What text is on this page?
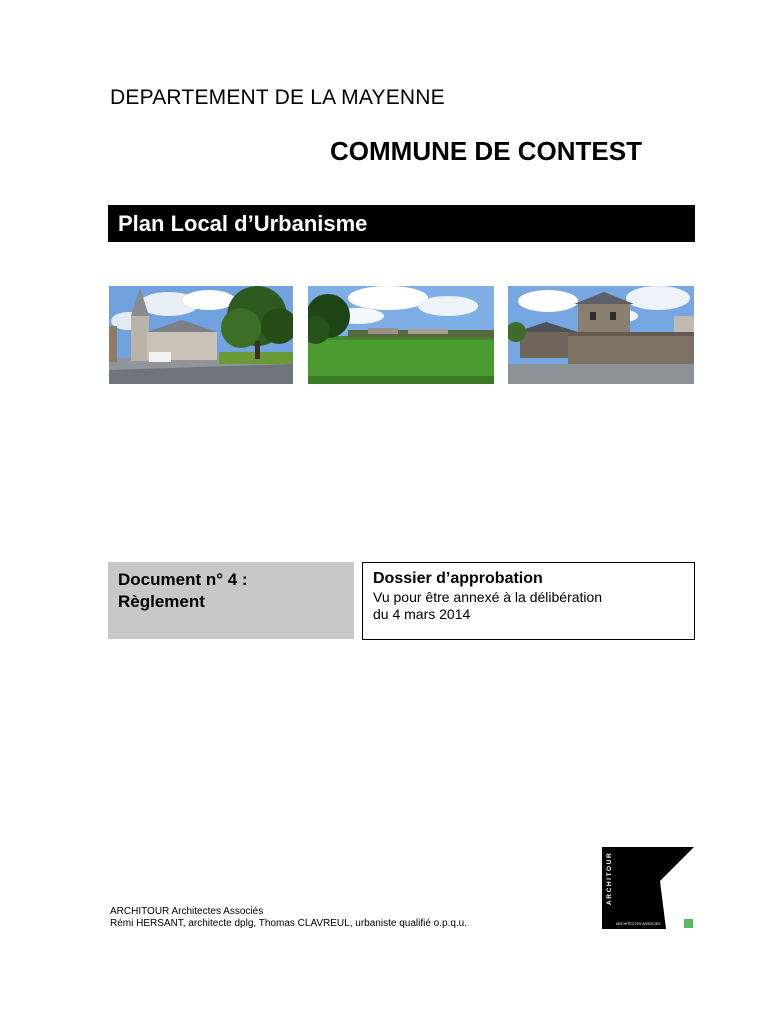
DEPARTEMENT DE LA MAYENNE
COMMUNE DE CONTEST
Plan Local d’Urbanisme
Document n° 4 :
Règlement
Dossier d’approbation
Vu pour être annexé à la délibération
du 4 mars 2014
ARCHITOUR Architectes Associés
Rémi HERSANT, architecte dplg, Thomas CLAVREUL, urbaniste qualifié o.p.q.u.
ARCHITOUR
ARCHITECTES ASSOCIES
